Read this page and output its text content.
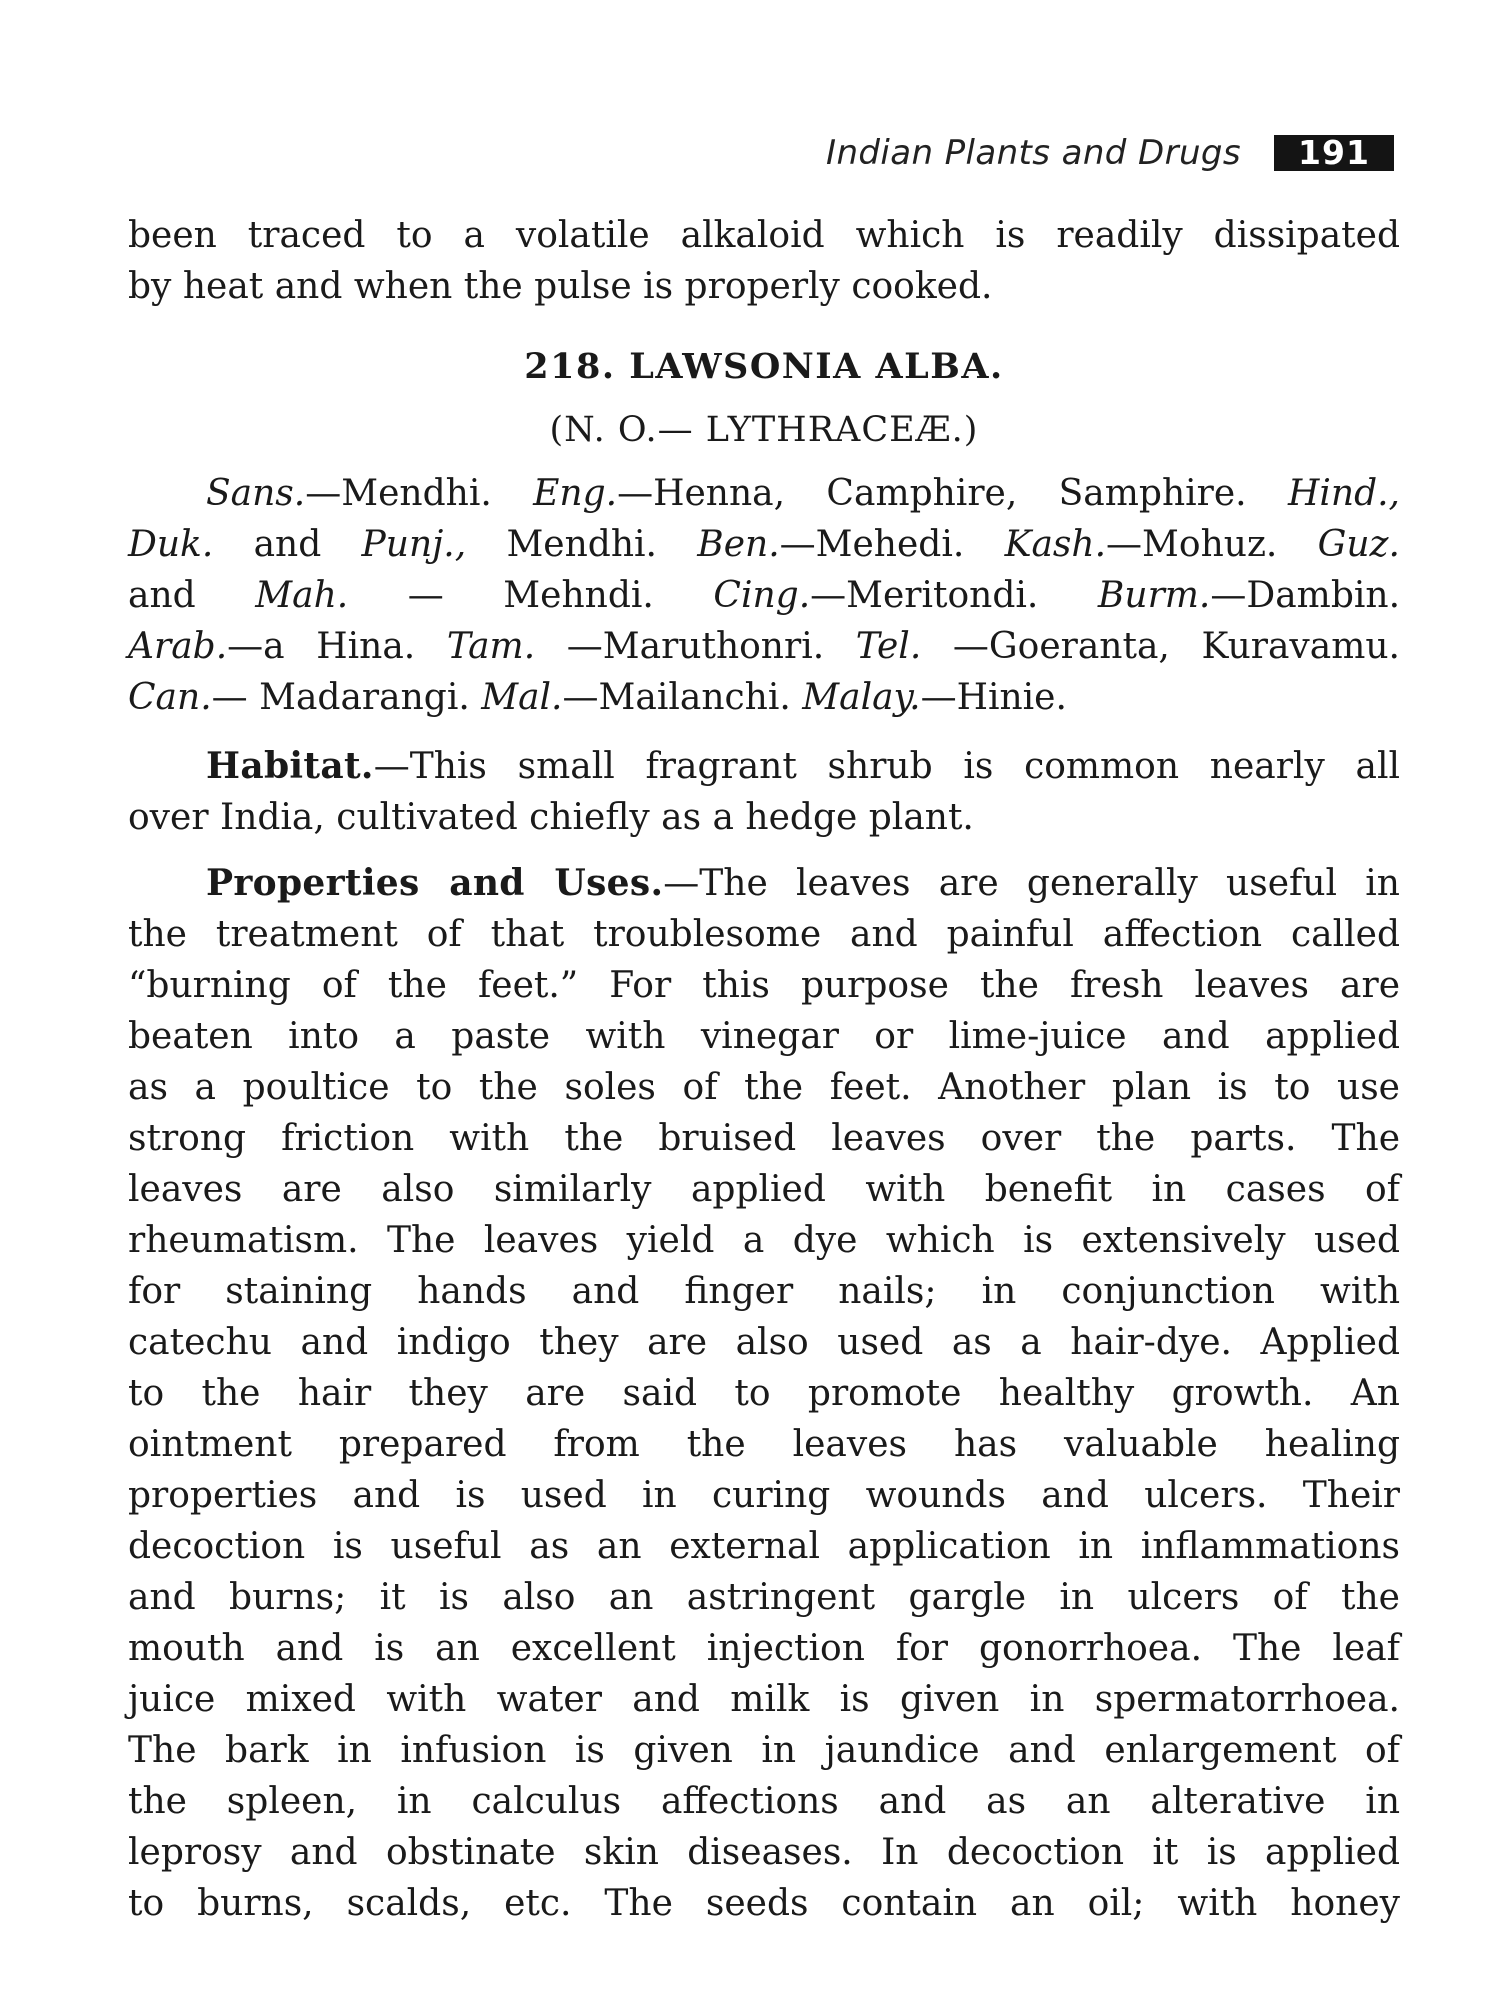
Indian Plants and Drugs	191
been traced to a volatile alkaloid which is readily dissipated
by heat and when the pulse is properly cooked.
218. LAWSONIA ALBA.
(N. O.— LYTHRACEÆ.)
Sans.—Mendhi. Eng.—Henna, Camphire, Samphire. Hind.,
Duk. and Punj., Mendhi. Ben.—Mehedi. Kash.—Mohuz. Guz.
and Mah. — Mehndi. Cing.—Meritondi. Burm.—Dambin.
Arab.—a Hina. Tam. —Maruthonri. Tel. —Goeranta, Kuravamu.
Can.— Madarangi. Mal.—Mailanchi. Malay.—Hinie.
Habitat.—This small fragrant shrub is common nearly all
over India, cultivated chiefly as a hedge plant.
Properties and Uses.—The leaves are generally useful in
the treatment of that troublesome and painful affection called
“burning of the feet.” For this purpose the fresh leaves are
beaten into a paste with vinegar or lime-juice and applied
as a poultice to the soles of the feet. Another plan is to use
strong friction with the bruised leaves over the parts. The
leaves are also similarly applied with benefit in cases of
rheumatism. The leaves yield a dye which is extensively used
for staining hands and finger nails; in conjunction with
catechu and indigo they are also used as a hair-dye. Applied
to the hair they are said to promote healthy growth. An
ointment prepared from the leaves has valuable healing
properties and is used in curing wounds and ulcers. Their
decoction is useful as an external application in inflammations
and burns; it is also an astringent gargle in ulcers of the
mouth and is an excellent injection for gonorrhoea. The leaf
juice mixed with water and milk is given in spermatorrhoea.
The bark in infusion is given in jaundice and enlargement of
the spleen, in calculus affections and as an alterative in
leprosy and obstinate skin diseases. In decoction it is applied
to burns, scalds, etc. The seeds contain an oil; with honey
